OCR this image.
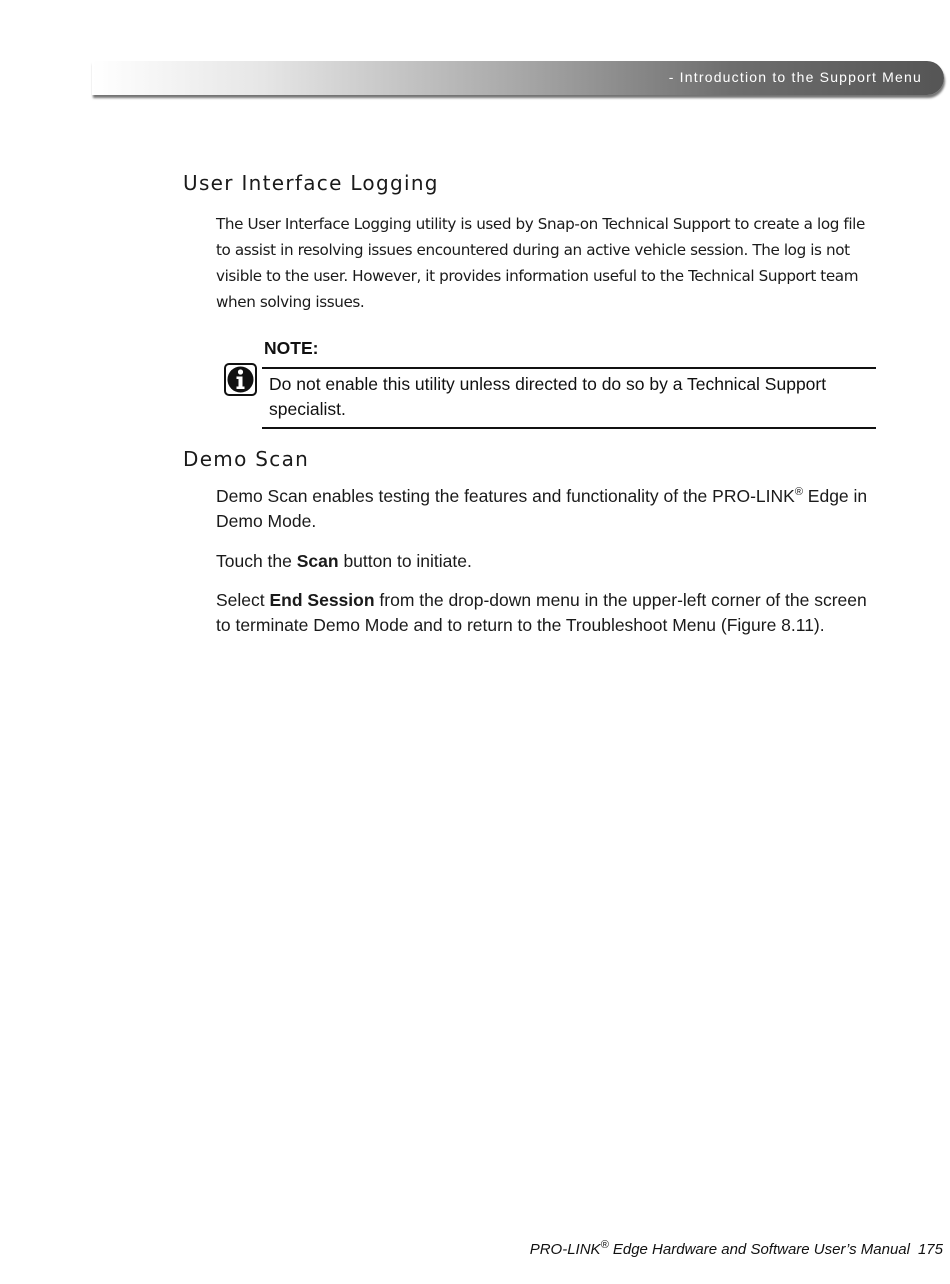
- Introduction to the Support Menu
User Interface Logging

The User Interface Logging utility is used by Snap-on Technical Support to create a log file to assist in resolving issues encountered during an active vehicle session. The log is not visible to the user. However, it provides information useful to the Technical Support team when solving issues.

NOTE:

Do not enable this utility unless directed to do so by a Technical Support specialist.

Demo Scan

Demo Scan enables testing the features and functionality of the PRO-LINK® Edge in Demo Mode.

Touch the Scan button to initiate.

Select End Session from the drop-down menu in the upper-left corner of the screen to terminate Demo Mode and to return to the Troubleshoot Menu (Figure 8.11).

PRO-LINK® Edge Hardware and Software User’s Manual 175
